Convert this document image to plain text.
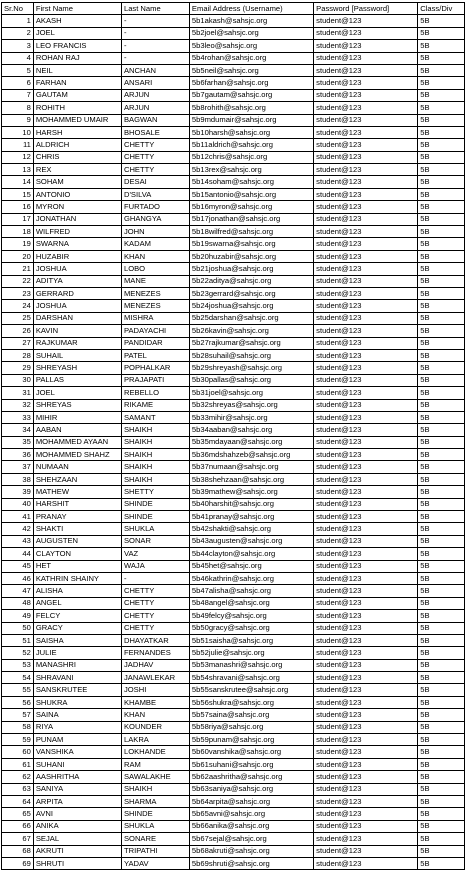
Sr.No	First Name	Last Name	Email Address (Username)	Password [Password]	Class/Div
1	AKASH	-	5b1akash@sahsjc.org	student@123	5B
2	JOEL	-	5b2joel@sahsjc.org	student@123	5B
3	LEO FRANCIS	-	5b3leo@sahsjc.org	student@123	5B
4	ROHAN RAJ	-	5b4rohan@sahsjc.org	student@123	5B
5	NEIL	ANCHAN	5b5neil@sahsjc.org	student@123	5B
6	FARHAN	ANSARI	5b6farhan@sahsjc.org	student@123	5B
7	GAUTAM	ARJUN	5b7gautam@sahsjc.org	student@123	5B
8	ROHITH	ARJUN	5b8rohith@sahsjc.org	student@123	5B
9	MOHAMMED UMAIR	BAGWAN	5b9mdumair@sahsjc.org	student@123	5B
10	HARSH	BHOSALE	5b10harsh@sahsjc.org	student@123	5B
11	ALDRICH	CHETTY	5b11aldrich@sahsjc.org	student@123	5B
12	CHRIS	CHETTY	5b12chris@sahsjc.org	student@123	5B
13	REX	CHETTY	5b13rex@sahsjc.org	student@123	5B
14	SOHAM	DESAI	5b14soham@sahsjc.org	student@123	5B
15	ANTONIO	D'SILVA	5b15antonio@sahsjc.org	student@123	5B
16	MYRON	FURTADO	5b16myron@sahsjc.org	student@123	5B
17	JONATHAN	GHANGYA	5b17jonathan@sahsjc.org	student@123	5B
18	WILFRED	JOHN	5b18wilfred@sahsjc.org	student@123	5B
19	SWARNA	KADAM	5b19swarna@sahsjc.org	student@123	5B
20	HUZABIR	KHAN	5b20huzabir@sahsjc.org	student@123	5B
21	JOSHUA	LOBO	5b21joshua@sahsjc.org	student@123	5B
22	ADITYA	MANE	5b22aditya@sahsjc.org	student@123	5B
23	GERRARD	MENEZES	5b23gerrard@sahsjc.org	student@123	5B
24	JOSHUA	MENEZES	5b24joshua@sahsjc.org	student@123	5B
25	DARSHAN	MISHRA	5b25darshan@sahsjc.org	student@123	5B
26	KAVIN	PADAYACHI	5b26kavin@sahsjc.org	student@123	5B
27	RAJKUMAR	PANDIDAR	5b27rajkumar@sahsjc.org	student@123	5B
28	SUHAIL	PATEL	5b28suhail@sahsjc.org	student@123	5B
29	SHREYASH	POPHALKAR	5b29shreyash@sahsjc.org	student@123	5B
30	PALLAS	PRAJAPATI	5b30pallas@sahsjc.org	student@123	5B
31	JOEL	REBELLO	5b31joel@sahsjc.org	student@123	5B
32	SHREYAS	RIKAME	5b32shreyas@sahsjc.org	student@123	5B
33	MIHIR	SAMANT	5b33mihir@sahsjc.org	student@123	5B
34	AABAN	SHAIKH	5b34aaban@sahsjc.org	student@123	5B
35	MOHAMMED AYAAN	SHAIKH	5b35mdayaan@sahsjc.org	student@123	5B
36	MOHAMMED SHAHZ	SHAIKH	5b36mdshahzeb@sahsjc.org	student@123	5B
37	NUMAAN	SHAIKH	5b37numaan@sahsjc.org	student@123	5B
38	SHEHZAAN	SHAIKH	5b38shehzaan@sahsjc.org	student@123	5B
39	MATHEW	SHETTY	5b39mathew@sahsjc.org	student@123	5B
40	HARSHIT	SHINDE	5b40harshit@sahsjc.org	student@123	5B
41	PRANAY	SHINDE	5b41pranay@sahsjc.org	student@123	5B
42	SHAKTI	SHUKLA	5b42shakti@sahsjc.org	student@123	5B
43	AUGUSTEN	SONAR	5b43augusten@sahsjc.org	student@123	5B
44	CLAYTON	VAZ	5b44clayton@sahsjc.org	student@123	5B
45	HET	WAJA	5b45het@sahsjc.org	student@123	5B
46	KATHRIN SHAINY	-	5b46kathrin@sahsjc.org	student@123	5B
47	ALISHA	CHETTY	5b47alisha@sahsjc.org	student@123	5B
48	ANGEL	CHETTY	5b48angel@sahsjc.org	student@123	5B
49	FELCY	CHETTY	5b49felcy@sahsjc.org	student@123	5B
50	GRACY	CHETTY	5b50gracy@sahsjc.org	student@123	5B
51	SAISHA	DHAYATKAR	5b51saisha@sahsjc.org	student@123	5B
52	JULIE	FERNANDES	5b52julie@sahsjc.org	student@123	5B
53	MANASHRI	JADHAV	5b53manashri@sahsjc.org	student@123	5B
54	SHRAVANI	JANAWLEKAR	5b54shravani@sahsjc.org	student@123	5B
55	SANSKRUTEE	JOSHI	5b55sanskrutee@sahsjc.org	student@123	5B
56	SHUKRA	KHAMBE	5b56shukra@sahsjc.org	student@123	5B
57	SAINA	KHAN	5b57saina@sahsjc.org	student@123	5B
58	RIYA	KOUNDER	5b58riya@sahsjc.org	student@123	5B
59	PUNAM	LAKRA	5b59punam@sahsjc.org	student@123	5B
60	VANSHIKA	LOKHANDE	5b60vanshika@sahsjc.org	student@123	5B
61	SUHANI	RAM	5b61suhani@sahsjc.org	student@123	5B
62	AASHRITHA	SAWALAKHE	5b62aashritha@sahsjc.org	student@123	5B
63	SANIYA	SHAIKH	5b63saniya@sahsjc.org	student@123	5B
64	ARPITA	SHARMA	5b64arpita@sahsjc.org	student@123	5B
65	AVNI	SHINDE	5b65avni@sahsjc.org	student@123	5B
66	ANIKA	SHUKLA	5b66anika@sahsjc.org	student@123	5B
67	SEJAL	SONARE	5b67sejal@sahsjc.org	student@123	5B
68	AKRUTI	TRIPATHI	5b68akruti@sahsjc.org	student@123	5B
69	SHRUTI	YADAV	5b69shruti@sahsjc.org	student@123	5B
